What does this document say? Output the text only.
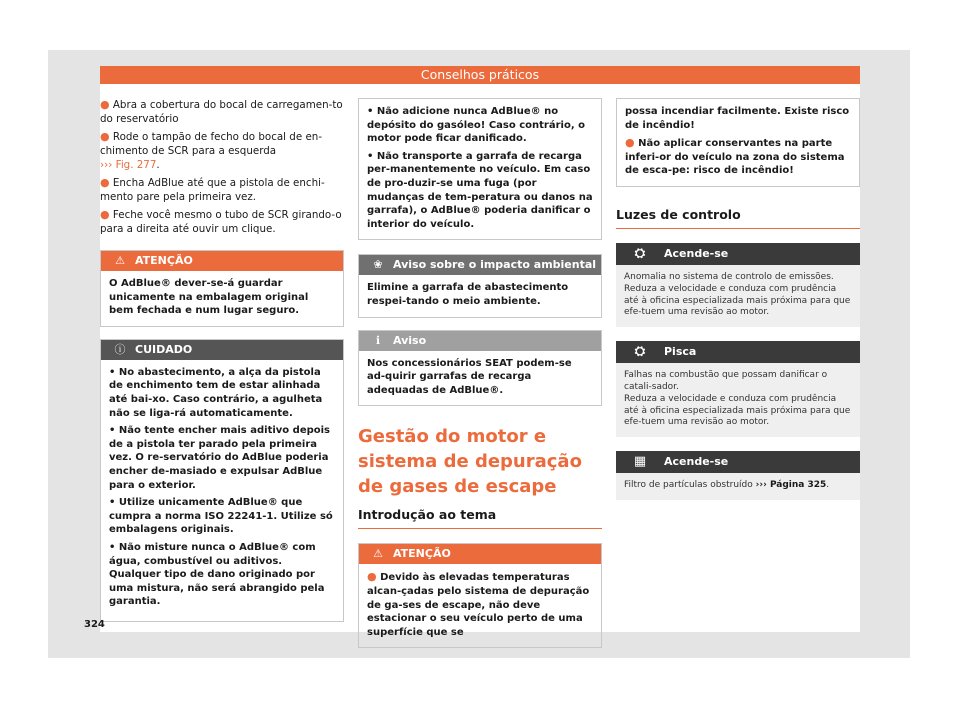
Conselhos práticos
● Abra a cobertura do bocal de carregamen-to do reservatório
● Rode o tampão de fecho do bocal de en-chimento de SCR para a esquerda
››› Fig. 277.
● Encha AdBlue até que a pistola de enchi-mento pare pela primeira vez.
● Feche você mesmo o tubo de SCR girando-o para a direita até ouvir um clique.
⚠ ATENÇÃO
O AdBlue® dever-se-á guardar unicamente na embalagem original bem fechada e num lugar seguro.
ⓘ CUIDADO

• No abastecimento, a alça da pistola de enchimento tem de estar alinhada até bai-xo. Caso contrário, a agulheta não se liga-rá automaticamente.

• Não tente encher mais aditivo depois de a pistola ter parado pela primeira vez. O re-servatório do AdBlue poderia encher de-masiado e expulsar AdBlue para o exterior.

• Utilize unicamente AdBlue® que cumpra a norma ISO 22241-1. Utilize só embalagens originais.

• Não misture nunca o AdBlue® com água, combustível ou aditivos. Qualquer tipo de dano originado por uma mistura, não será abrangido pela garantia.

• Não adicione nunca AdBlue® no depósito do gasóleo! Caso contrário, o motor pode ficar danificado.

• Não transporte a garrafa de recarga per-manentemente no veículo. Em caso de pro-duzir-se uma fuga (por mudanças de tem-peratura ou danos na garrafa), o AdBlue® poderia danificar o interior do veículo.

❀ Aviso sobre o impacto ambiental
Elimine a garrafa de abastecimento respei-tando o meio ambiente.
ℹ Aviso
Nos concessionários SEAT podem-se ad-quirir garrafas de recarga adequadas de AdBlue®.
Gestão do motor e sistema de depuração de gases de escape
Introdução ao tema
⚠ ATENÇÃO

● Devido às elevadas temperaturas alcan-çadas pelo sistema de depuração de ga-ses de escape, não deve estacionar o seu veículo perto de uma superfície que se

possa incendiar facilmente. Existe risco de incêndio!

● Não aplicar conservantes na parte inferi-or do veículo na zona do sistema de esca-pe: risco de incêndio!

Luzes de controlo
⛭	Acende-se
Anomalia no sistema de controlo de emissões.
Reduza a velocidade e conduza com prudência até à oficina especializada mais próxima para que efe-tuem uma revisão ao motor.
⛭	Pisca
Falhas na combustão que possam danificar o catali-sador.
Reduza a velocidade e conduza com prudência até à oficina especializada mais próxima para que efe-tuem uma revisão ao motor.
▦	Acende-se
Filtro de partículas obstruído ››› Página 325.
324
